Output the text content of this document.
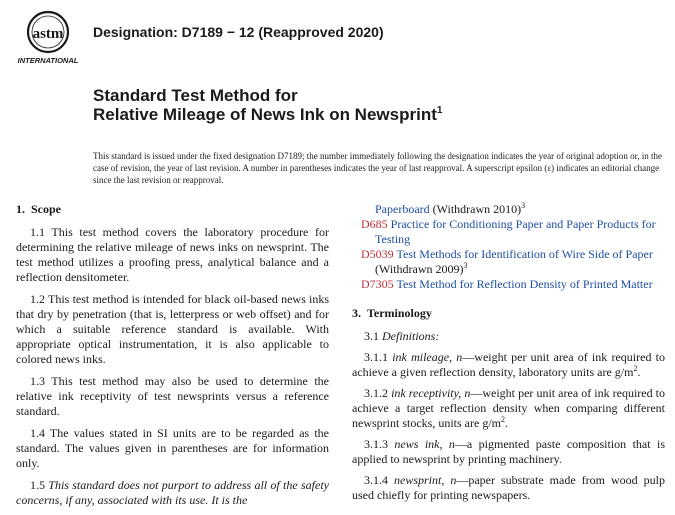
astm
INTERNATIONAL
Designation: D7189 − 12 (Reapproved 2020)
Standard Test Method for
Relative Mileage of News Ink on Newsprint$^1$

This standard is issued under the fixed designation D7189; the number immediately following the designation indicates the year of original adoption or, in the case of revision, the year of last revision. A number in parentheses indicates the year of last reapproval. A superscript epsilon (ε) indicates an editorial change since the last revision or reapproval.

1. Scope

1.1 This test method covers the laboratory procedure for determining the relative mileage of news inks on newsprint. The test method utilizes a proofing press, analytical balance and a reflection densitometer.

1.2 This test method is intended for black oil-based news inks that dry by penetration (that is, letterpress or web offset) and for which a suitable reference standard is available. With appropriate optical instrumentation, it is also applicable to colored news inks.

1.3 This test method may also be used to determine the relative ink receptivity of test newsprints versus a reference standard.

1.4 The values stated in SI units are to be regarded as the standard. The values given in parentheses are for information only.

1.5 This standard does not purport to address all of the safety concerns, if any, associated with its use. It is the

Paperboard (Withdrawn 2010)$^3$

D685 Practice for Conditioning Paper and Paper Products for Testing

D5039 Test Methods for Identification of Wire Side of Paper
(Withdrawn 2009)$^3$

D7305 Test Method for Reflection Density of Printed Matter

3. Terminology

3.1 Definitions:

3.1.1 ink mileage, n—weight per unit area of ink required to achieve a given reflection density, laboratory units are g/m$^2$.

3.1.2 ink receptivity, n—weight per unit area of ink required to achieve a target reflection density when comparing different newsprint stocks, units are g/m$^2$.

3.1.3 news ink, n—a pigmented paste composition that is applied to newsprint by printing machinery.

3.1.4 newsprint, n—paper substrate made from wood pulp used chiefly for printing newspapers.
